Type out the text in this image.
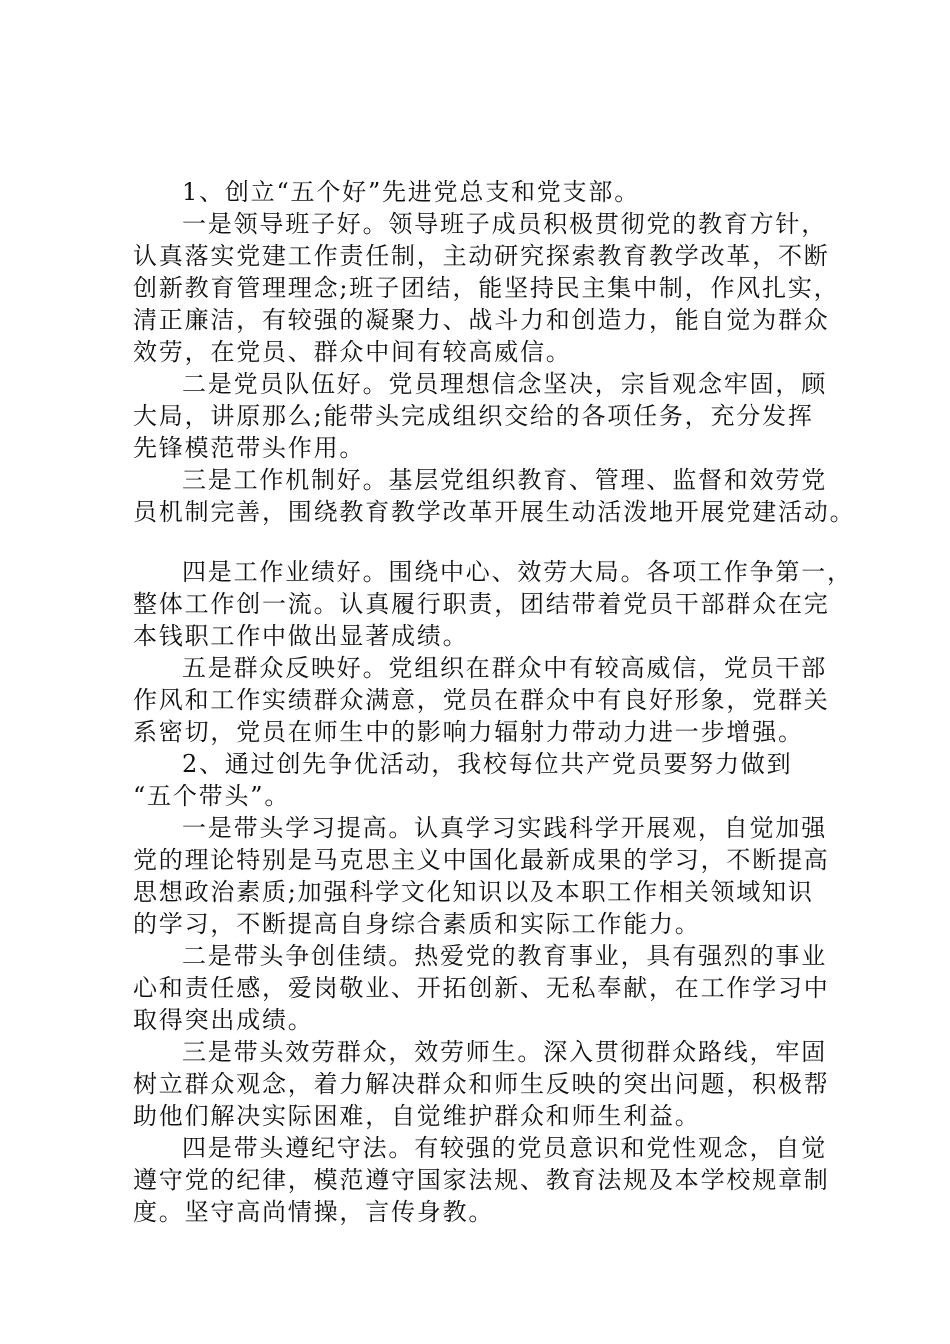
1、创立“五个好”先进党总支和党支部。
一是领导班子好。领导班子成员积极贯彻党的教育方针，
认真落实党建工作责任制，主动研究探索教育教学改革，不断
创新教育管理理念;班子团结，能坚持民主集中制，作风扎实，
清正廉洁，有较强的凝聚力、战斗力和创造力，能自觉为群众
效劳，在党员、群众中间有较高威信。
二是党员队伍好。党员理想信念坚决，宗旨观念牢固，顾
大局，讲原那么;能带头完成组织交给的各项任务，充分发挥
先锋模范带头作用。
三是工作机制好。基层党组织教育、管理、监督和效劳党
员机制完善，围绕教育教学改革开展生动活泼地开展党建活动。
四是工作业绩好。围绕中心、效劳大局。各项工作争第一，
整体工作创一流。认真履行职责，团结带着党员干部群众在完
本钱职工作中做出显著成绩。
五是群众反映好。党组织在群众中有较高威信，党员干部
作风和工作实绩群众满意，党员在群众中有良好形象，党群关
系密切，党员在师生中的影响力辐射力带动力进一步增强。
2、通过创先争优活动，我校每位共产党员要努力做到
“五个带头”。
一是带头学习提高。认真学习实践科学开展观，自觉加强
党的理论特别是马克思主义中国化最新成果的学习，不断提高
思想政治素质;加强科学文化知识以及本职工作相关领域知识
的学习，不断提高自身综合素质和实际工作能力。
二是带头争创佳绩。热爱党的教育事业，具有强烈的事业
心和责任感，爱岗敬业、开拓创新、无私奉献，在工作学习中
取得突出成绩。
三是带头效劳群众，效劳师生。深入贯彻群众路线，牢固
树立群众观念，着力解决群众和师生反映的突出问题，积极帮
助他们解决实际困难，自觉维护群众和师生利益。
四是带头遵纪守法。有较强的党员意识和党性观念，自觉
遵守党的纪律，模范遵守国家法规、教育法规及本学校规章制
度。坚守高尚情操，言传身教。
